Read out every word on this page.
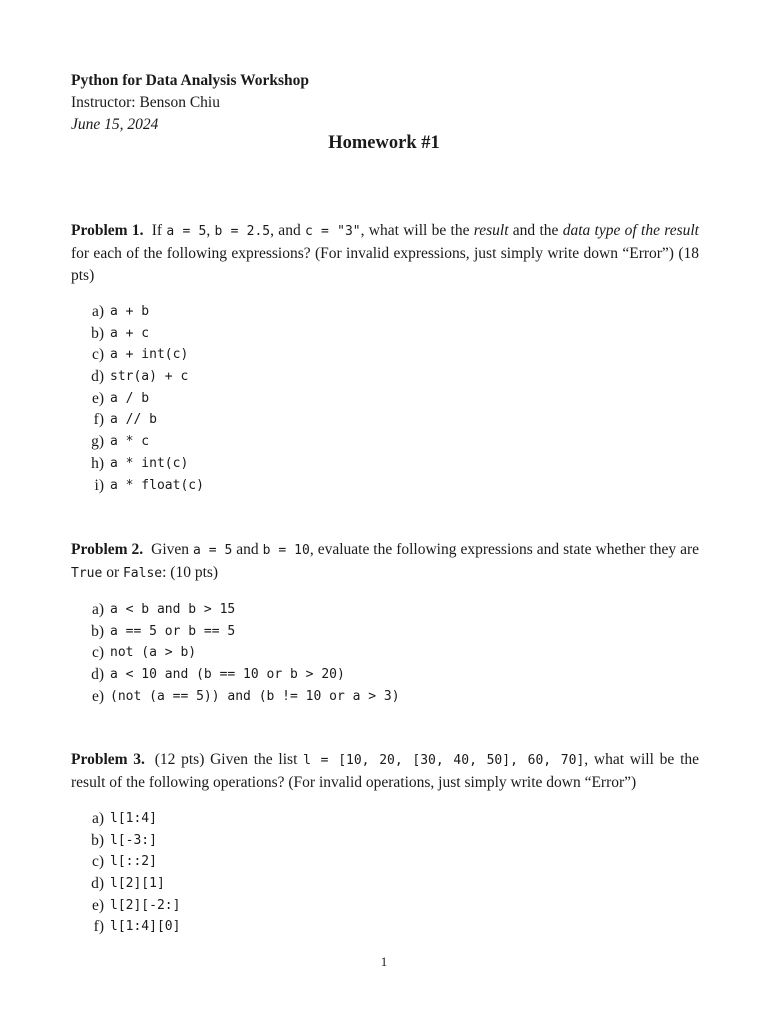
Python for Data Analysis Workshop
Instructor: Benson Chiu
June 15, 2024
Homework #1

Problem 1. If a = 5, b = 2.5, and c = "3", what will be the result and the data type of the result for each of the following expressions? (For invalid expressions, just simply write down “Error”) (18 pts)

a) a + b
b) a + c
c) a + int(c)
d) str(a) + c
e) a / b
f) a // b
g) a * c
h) a * int(c)
i) a * float(c)

Problem 2. Given a = 5 and b = 10, evaluate the following expressions and state whether they are True or False: (10 pts)

a) a < b and b > 15
b) a == 5 or b == 5
c) not (a > b)
d) a < 10 and (b == 10 or b > 20)
e) (not (a == 5)) and (b != 10 or a > 3)

Problem 3. (12 pts) Given the list l = [10, 20, [30, 40, 50], 60, 70], what will be the result of the following operations? (For invalid operations, just simply write down “Error”)

a) l[1:4]
b) l[-3:]
c) l[::2]
d) l[2][1]
e) l[2][-2:]
f) l[1:4][0]
1
